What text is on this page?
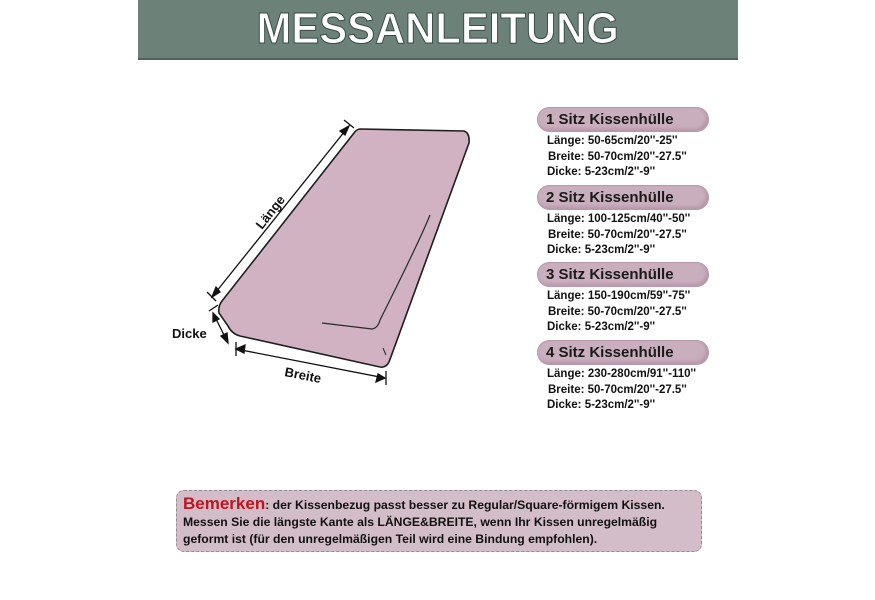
MESSANLEITUNG
Länge
Dicke
Breite
1 Sitz Kissenhülle
Länge: 50-65cm/20''-25''
Breite: 50-70cm/20''-27.5''
Dicke: 5-23cm/2''-9''
2 Sitz Kissenhülle
Länge: 100-125cm/40''-50''
Breite: 50-70cm/20''-27.5''
Dicke: 5-23cm/2''-9''
3 Sitz Kissenhülle
Länge: 150-190cm/59''-75''
Breite: 50-70cm/20''-27.5''
Dicke: 5-23cm/2''-9''
4 Sitz Kissenhülle
Länge: 230-280cm/91''-110''
Breite: 50-70cm/20''-27.5''
Dicke: 5-23cm/2''-9''

Bemerken: der Kissenbezug passt besser zu Regular/Square-förmigem Kissen.

Messen Sie die längste Kante als LÄNGE&BREITE, wenn Ihr Kissen unregelmäßig

geformt ist (für den unregelmäßigen Teil wird eine Bindung empfohlen).
